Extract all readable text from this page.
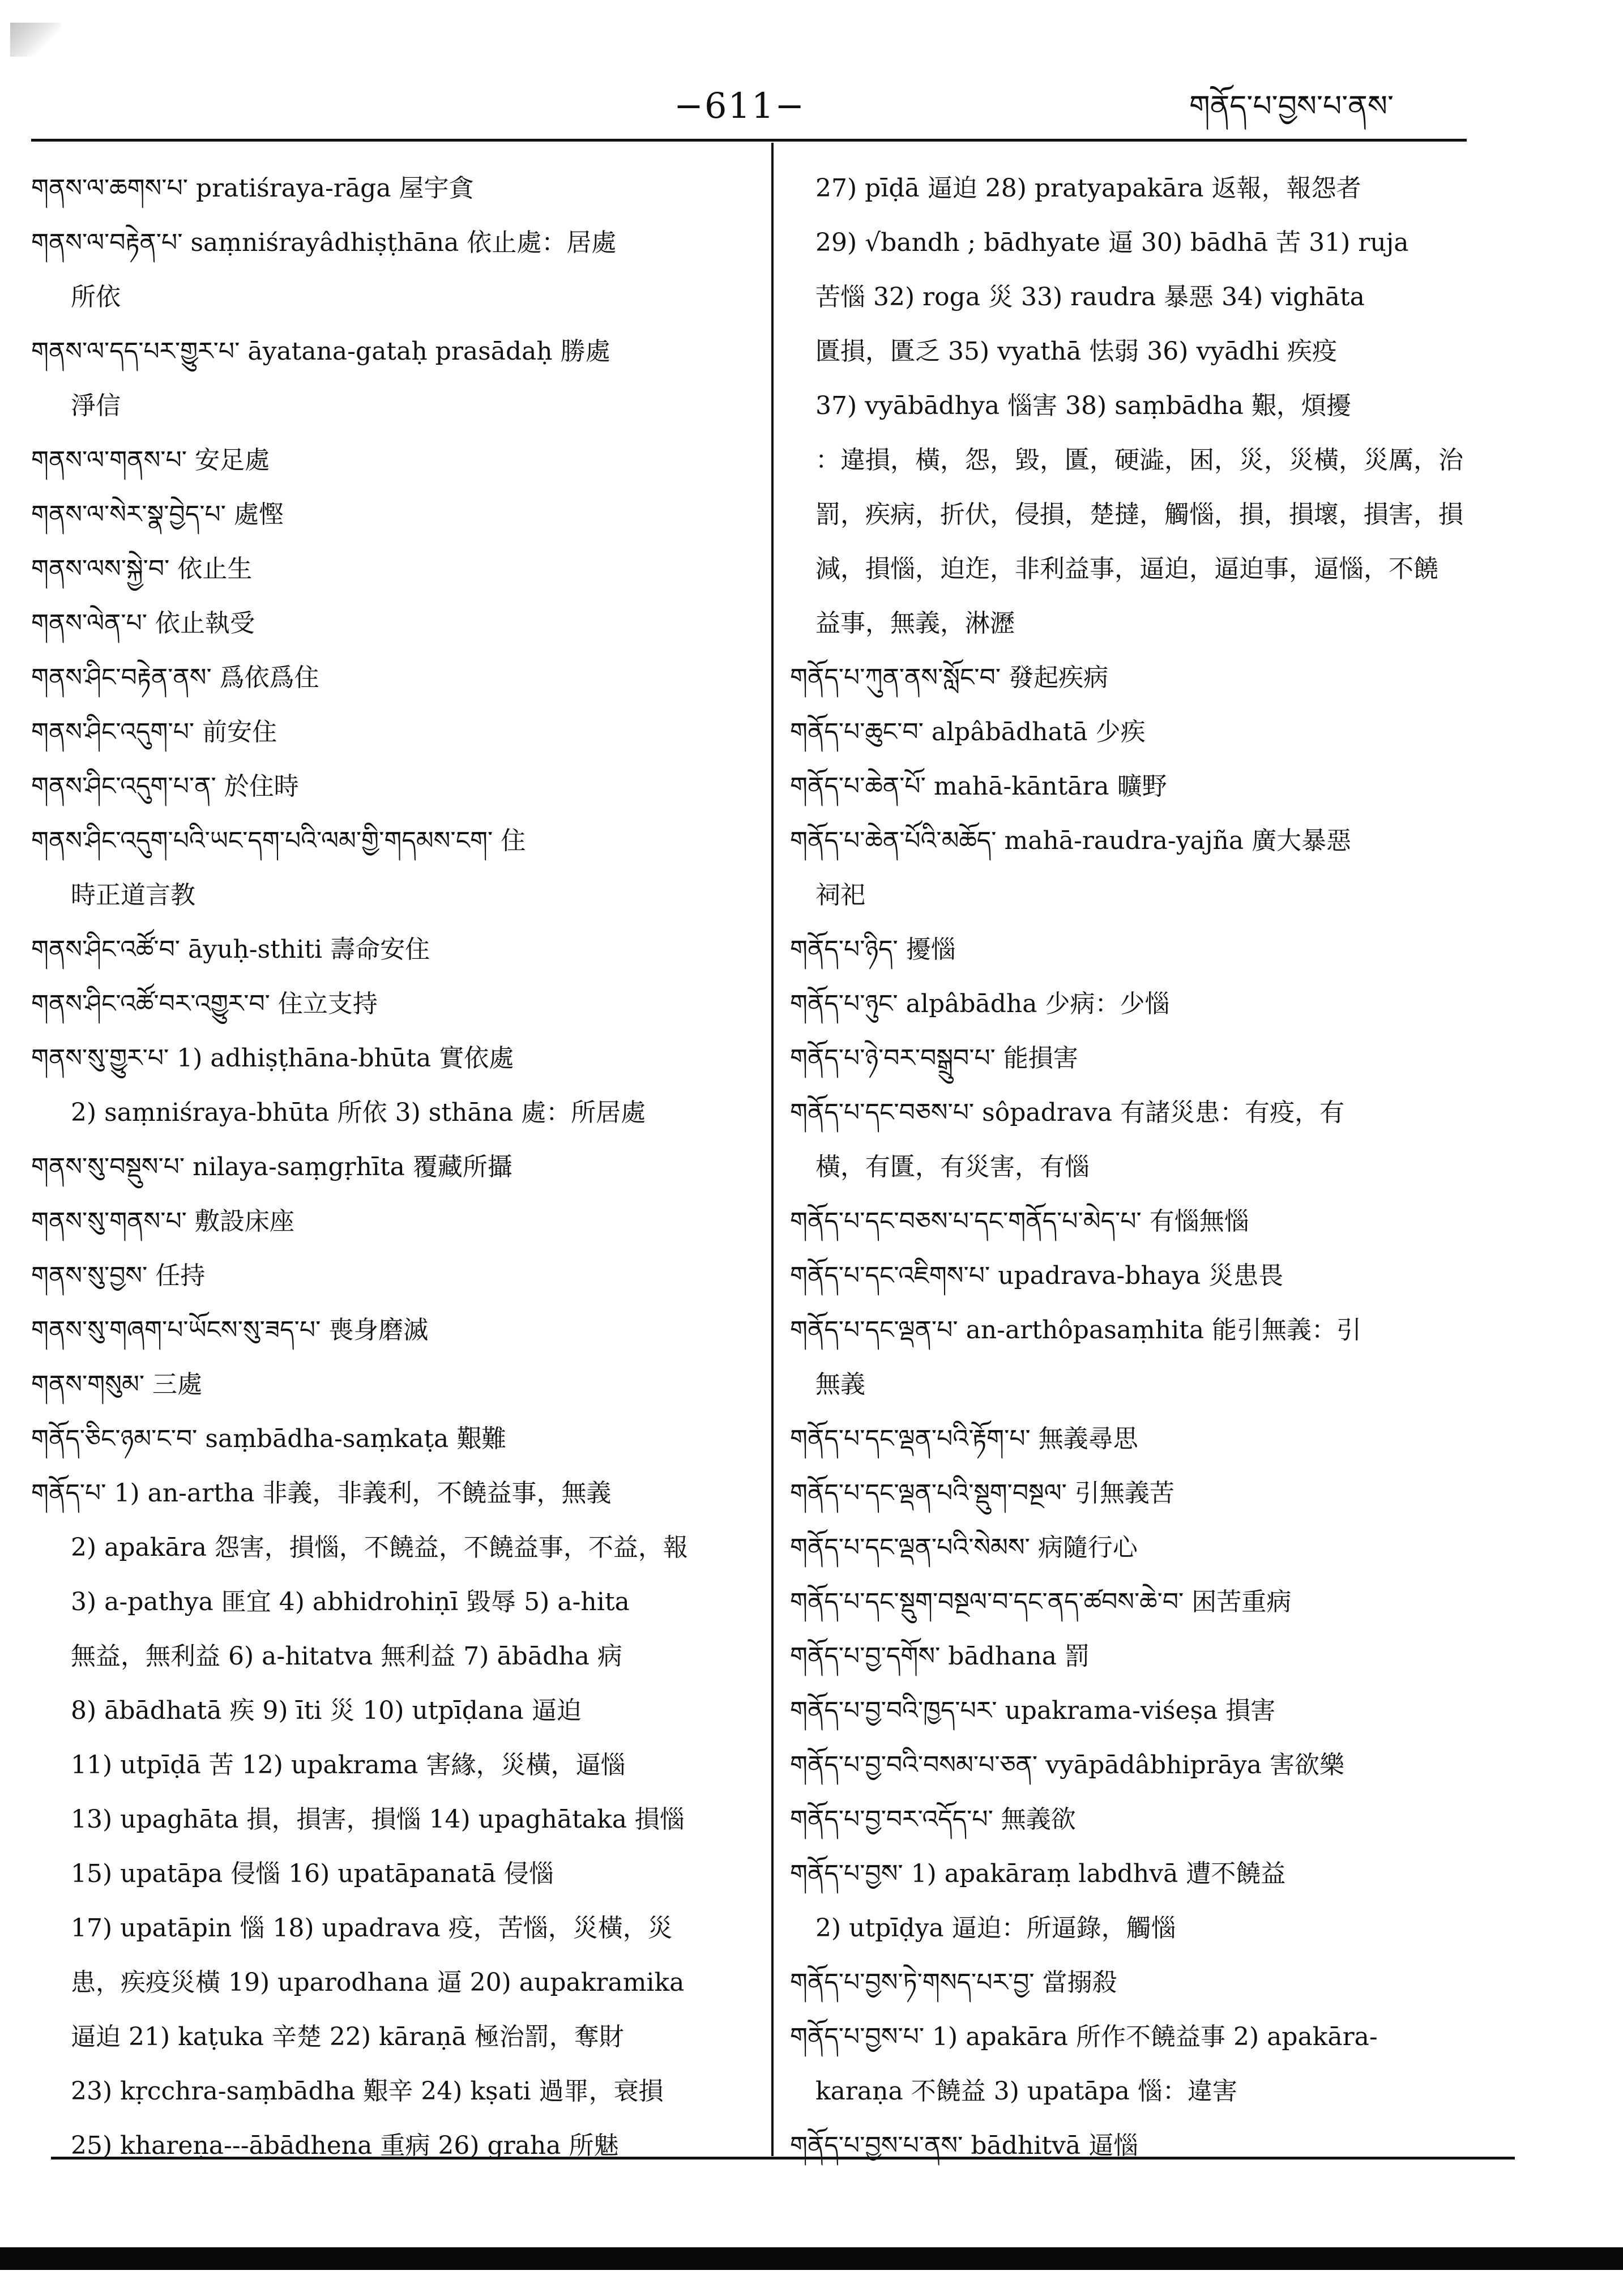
−611−	གནོད་པ་བྱས་པ་ནས་
གནས་ལ་ཆགས་པ་ pratiśraya-rāga 屋宇貪
གནས་ལ་བརྟེན་པ་ saṃniśrayâdhiṣṭhāna 依止處：居處
所依
གནས་ལ་དད་པར་གྱུར་པ་ āyatana-gataḥ prasādaḥ 勝處
淨信
གནས་ལ་གནས་པ་ 安足處
གནས་ལ་སེར་སྣ་བྱེད་པ་ 處慳
གནས་ལས་སྐྱེ་བ་ 依止生
གནས་ལེན་པ་ 依止執受
གནས་ཤིང་བརྟེན་ནས་ 爲依爲住
གནས་ཤིང་འདུག་པ་ 前安住
གནས་ཤིང་འདུག་པ་ན་ 於住時
གནས་ཤིང་འདུག་པའི་ཡང་དག་པའི་ལམ་གྱི་གདམས་ངག་ 住
時正道言教
གནས་ཤིང་འཚོ་བ་ āyuḥ-sthiti 壽命安住
གནས་ཤིང་འཚོ་བར་འགྱུར་བ་ 住立支持
གནས་སུ་གྱུར་པ་ 1) adhiṣṭhāna-bhūta 實依處
2) saṃniśraya-bhūta 所依 3) sthāna 處：所居處
གནས་སུ་བསྡུས་པ་ nilaya-saṃgṛhīta 覆藏所攝
གནས་སུ་གནས་པ་ 敷設床座
གནས་སུ་བྱས་ 任持
གནས་སུ་གཞག་པ་ཡོངས་སུ་ཟད་པ་ 喪身磨滅
གནས་གསུམ་ 三處
གནོད་ཅིང་ཉམ་ང་བ་ saṃbādha-saṃkaṭa 艱難
གནོད་པ་ 1) an-artha 非義，非義利，不饒益事，無義
2) apakāra 怨害，損惱，不饒益，不饒益事，不益，報
3) a-pathya 匪宜 4) abhidrohiṇī 毀辱 5) a-hita
無益，無利益 6) a-hitatva 無利益 7) ābādha 病
8) ābādhatā 疾 9) īti 災 10) utpīḍana 逼迫
11) utpīḍā 苦 12) upakrama 害緣，災橫，逼惱
13) upaghāta 損，損害，損惱 14) upaghātaka 損惱
15) upatāpa 侵惱 16) upatāpanatā 侵惱
17) upatāpin 惱 18) upadrava 疫，苦惱，災橫，災
患，疾疫災橫 19) uparodhana 逼 20) aupakramika
逼迫 21) kaṭuka 辛楚 22) kāraṇā 極治罰，奪財
23) kṛcchra-saṃbādha 艱辛 24) kṣati 過罪，衰損
25) khareṇa---ābādhena 重病 26) graha 所魅
27) pīḍā 逼迫 28) pratyapakāra 返報，報怨者
29) √bandh ; bādhyate 逼 30) bādhā 苦 31) ruja
苦惱 32) roga 災 33) raudra 暴惡 34) vighāta
匱損，匱乏 35) vyathā 怯弱 36) vyādhi 疾疫
37) vyābādhya 惱害 38) saṃbādha 艱，煩擾
：違損，橫，怨，毀，匱，硬澁，困，災，災橫，災厲，治
罰，疾病，折伏，侵損，楚撻，觸惱，損，損壞，損害，損
減，損惱，迫迮，非利益事，逼迫，逼迫事，逼惱，不饒
益事，無義，淋瀝
གནོད་པ་ཀུན་ནས་སློང་བ་ 發起疾病
གནོད་པ་ཆུང་བ་ alpâbādhatā 少疾
གནོད་པ་ཆེན་པོ་ mahā-kāntāra 曠野
གནོད་པ་ཆེན་པོའི་མཆོད་ mahā-raudra-yajña 廣大暴惡
祠祀
གནོད་པ་ཉིད་ 擾惱
གནོད་པ་ཉུང་ alpâbādha 少病：少惱
གནོད་པ་ཉེ་བར་བསྒྲུབ་པ་ 能損害
གནོད་པ་དང་བཅས་པ་ sôpadrava 有諸災患：有疫，有
橫，有匱，有災害，有惱
གནོད་པ་དང་བཅས་པ་དང་གནོད་པ་མེད་པ་ 有惱無惱
གནོད་པ་དང་འཇིགས་པ་ upadrava-bhaya 災患畏
གནོད་པ་དང་ལྡན་པ་ an-arthôpasaṃhita 能引無義：引
無義
གནོད་པ་དང་ལྡན་པའི་རྟོག་པ་ 無義尋思
གནོད་པ་དང་ལྡན་པའི་སྡུག་བསྔལ་ 引無義苦
གནོད་པ་དང་ལྡན་པའི་སེམས་ 病隨行心
གནོད་པ་དང་སྡུག་བསྔལ་བ་དང་ནད་ཚབས་ཆེ་བ་ 困苦重病
གནོད་པ་བྱ་དགོས་ bādhana 罰
གནོད་པ་བྱ་བའི་ཁྱད་པར་ upakrama-viśeṣa 損害
གནོད་པ་བྱ་བའི་བསམ་པ་ཅན་ vyāpādâbhiprāya 害欲樂
གནོད་པ་བྱ་བར་འདོད་པ་ 無義欲
གནོད་པ་བྱས་ 1) apakāraṃ labdhvā 遭不饒益
2) utpīḍya 逼迫：所逼錄，觸惱
གནོད་པ་བྱས་ཏེ་གསད་པར་བྱ་ 當搦殺
གནོད་པ་བྱས་པ་ 1) apakāra 所作不饒益事 2) apakāra-
karaṇa 不饒益 3) upatāpa 惱：違害
གནོད་པ་བྱས་པ་ནས་ bādhitvā 逼惱
